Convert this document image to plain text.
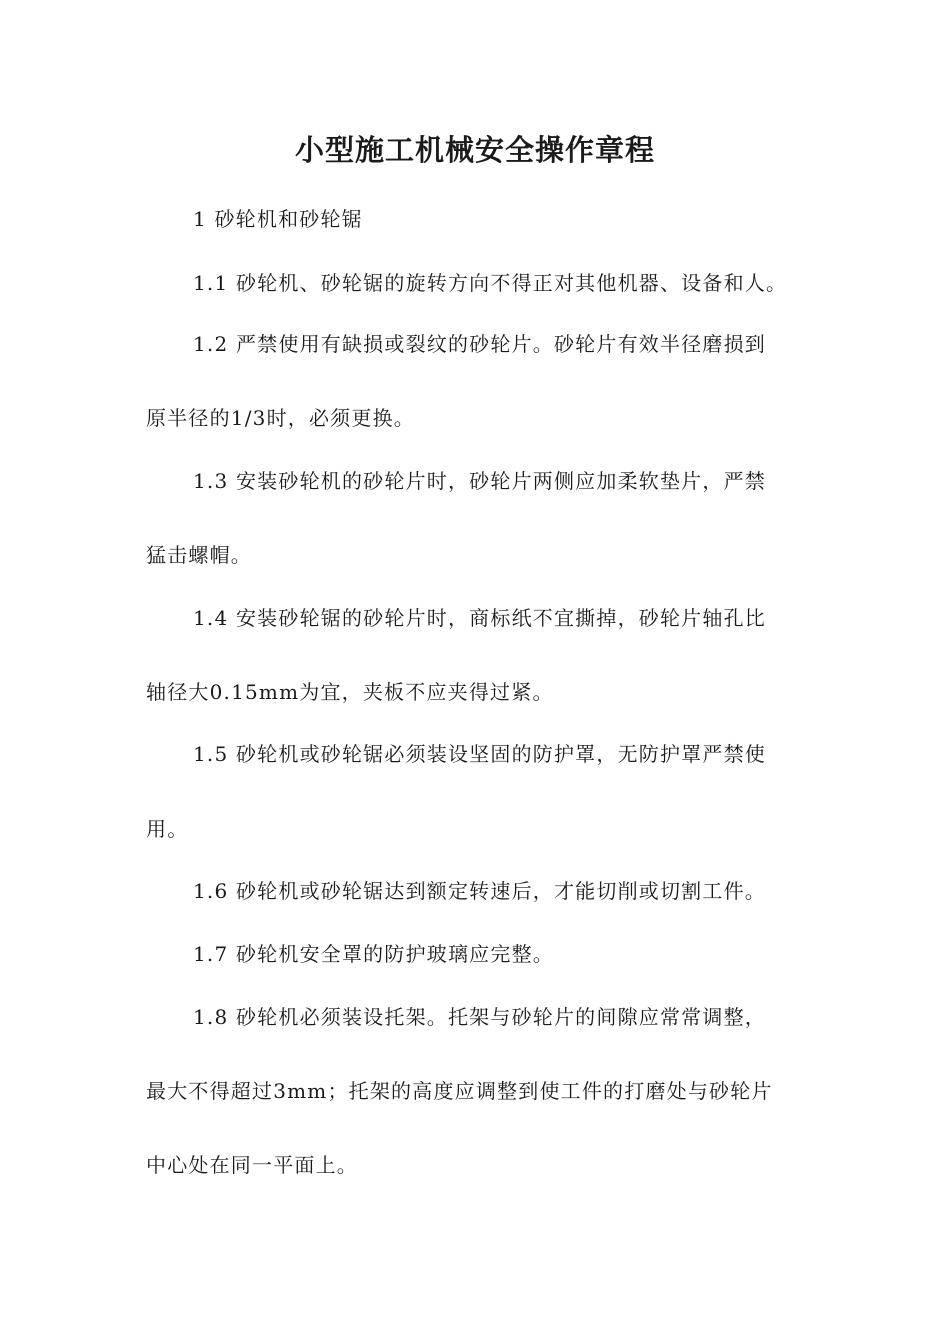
小型施工机械安全操作章程
1 砂轮机和砂轮锯
1.1 砂轮机、砂轮锯的旋转方向不得正对其他机器、设备和人。
1.2 严禁使用有缺损或裂纹的砂轮片。砂轮片有效半径磨损到
原半径的1/3时，必须更换。
1.3 安装砂轮机的砂轮片时，砂轮片两侧应加柔软垫片，严禁
猛击螺帽。
1.4 安装砂轮锯的砂轮片时，商标纸不宜撕掉，砂轮片轴孔比
轴径大0.15mm为宜，夹板不应夹得过紧。
1.5 砂轮机或砂轮锯必须装设坚固的防护罩，无防护罩严禁使
用。
1.6 砂轮机或砂轮锯达到额定转速后，才能切削或切割工件。
1.7 砂轮机安全罩的防护玻璃应完整。
1.8 砂轮机必须装设托架。托架与砂轮片的间隙应常常调整，
最大不得超过3mm；托架的高度应调整到使工件的打磨处与砂轮片
中心处在同一平面上。
